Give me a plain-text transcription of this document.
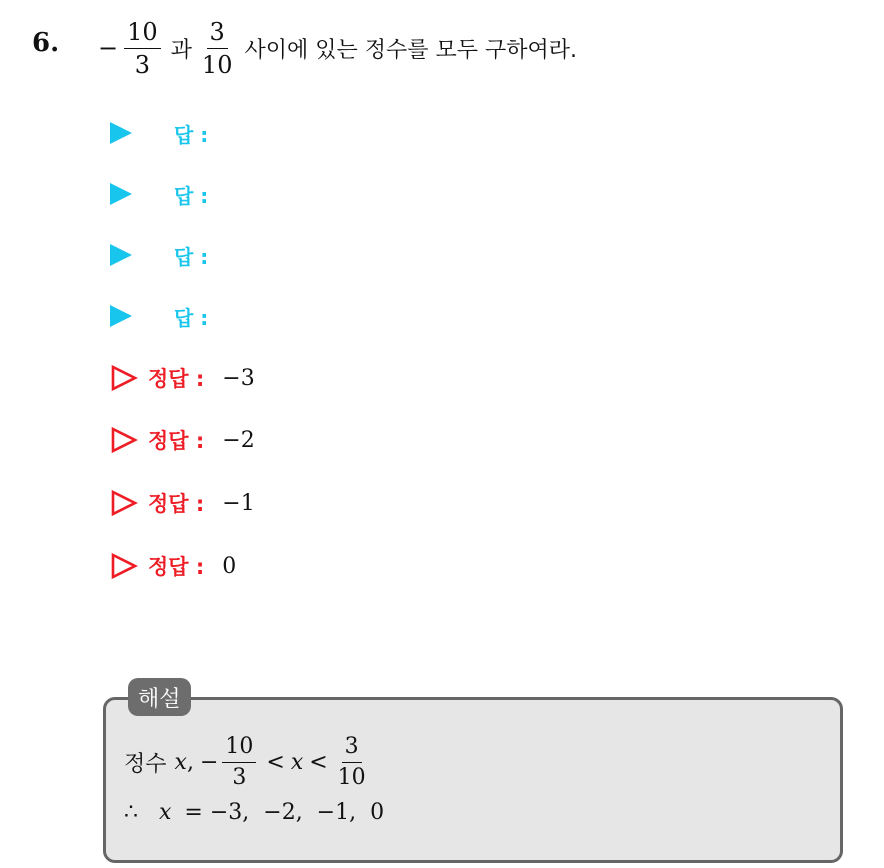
6. − $\frac{10}{3}$ 과 $\frac{3}{10}$ 사이에 있는 정수를 모두 구하여라.
답 :
답 :
답 :
답 :
정답 : −3
정답 : −2
정답 : −1
정답 : 0
해설
정수 x , − $\frac{10}{3} < x < \frac{3}{10}$
∴ x = −3,  −2,  −1,  0
